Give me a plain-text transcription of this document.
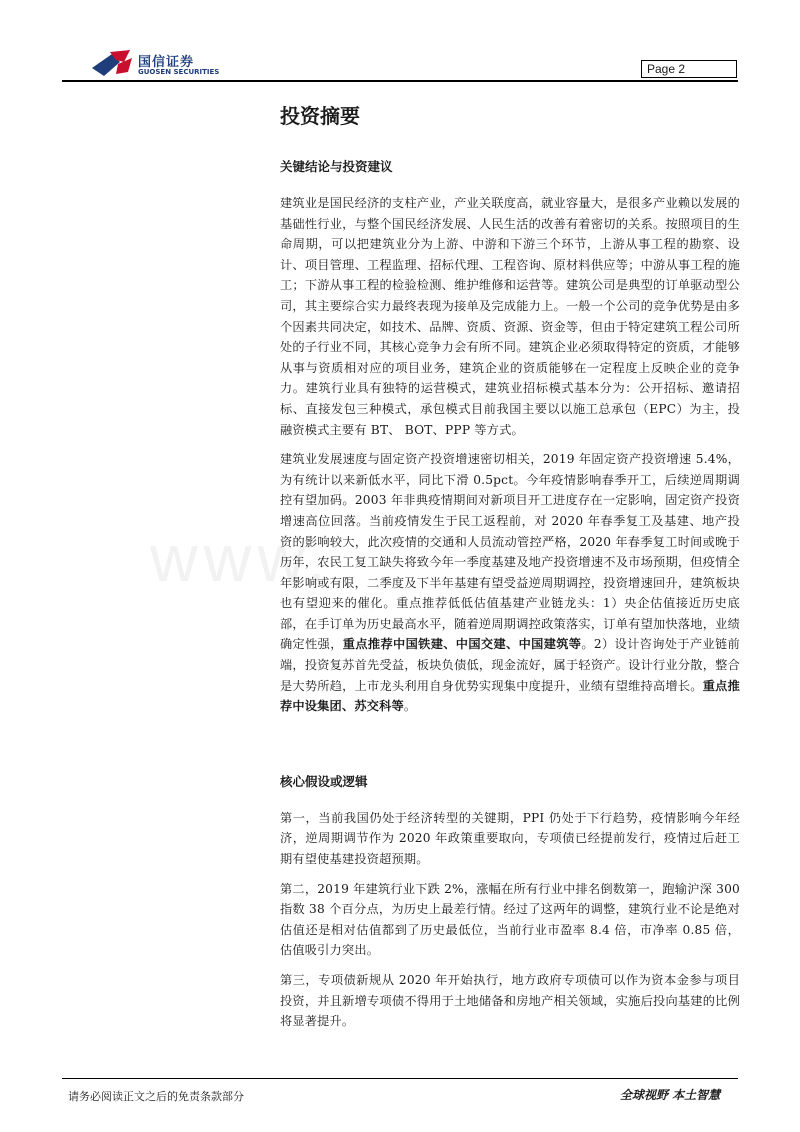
国信证券
GUOSEN SECURITIES	Page 2
www.
投资摘要
关键结论与投资建议

建筑业是国民经济的支柱产业，产业关联度高，就业容量大，是很多产业赖以发展的基础性行业，与整个国民经济发展、人民生活的改善有着密切的关系。按照项目的生命周期，可以把建筑业分为上游、中游和下游三个环节，上游从事工程的勘察、设计、项目管理、工程监理、招标代理、工程咨询、原材料供应等；中游从事工程的施工；下游从事工程的检验检测、维护维修和运营等。建筑公司是典型的订单驱动型公司，其主要综合实力最终表现为接单及完成能力上。一般一个公司的竞争优势是由多个因素共同决定，如技术、品牌、资质、资源、资金等，但由于特定建筑工程公司所处的子行业不同，其核心竞争力会有所不同。建筑企业必须取得特定的资质，才能够从事与资质相对应的项目业务，建筑企业的资质能够在一定程度上反映企业的竞争力。建筑行业具有独特的运营模式，建筑业招标模式基本分为：公开招标、邀请招标、直接发包三种模式，承包模式目前我国主要以以施工总承包（EPC）为主，投融资模式主要有 BT、 BOT、PPP 等方式。

建筑业发展速度与固定资产投资增速密切相关，2019 年固定资产投资增速 5.4%，为有统计以来新低水平，同比下滑 0.5pct。今年疫情影响春季开工，后续逆周期调控有望加码。2003 年非典疫情期间对新项目开工进度存在一定影响，固定资产投资增速高位回落。当前疫情发生于民工返程前，对 2020 年春季复工及基建、地产投资的影响较大，此次疫情的交通和人员流动管控严格，2020 年春季复工时间或晚于历年，农民工复工缺失将致今年一季度基建及地产投资增速不及市场预期，但疫情全年影响或有限，二季度及下半年基建有望受益逆周期调控，投资增速回升，建筑板块也有望迎来的催化。重点推荐低低估值基建产业链龙头：1）央企估值接近历史底部，在手订单为历史最高水平，随着逆周期调控政策落实，订单有望加快落地，业绩确定性强，重点推荐中国铁建、中国交建、中国建筑等。2）设计咨询处于产业链前端，投资复苏首先受益，板块负债低，现金流好，属于轻资产。设计行业分散，整合是大势所趋，上市龙头利用自身优势实现集中度提升，业绩有望维持高增长。重点推荐中设集团、苏交科等。

核心假设或逻辑

第一，当前我国仍处于经济转型的关键期，PPI 仍处于下行趋势，疫情影响今年经济，逆周期调节作为 2020 年政策重要取向，专项债已经提前发行，疫情过后赶工期有望使基建投资超预期。

第二，2019 年建筑行业下跌 2%，涨幅在所有行业中排名倒数第一，跑输沪深 300 指数 38 个百分点，为历史上最差行情。经过了这两年的调整，建筑行业不论是绝对估值还是相对估值都到了历史最低位，当前行业市盈率 8.4 倍，市净率 0.85 倍，估值吸引力突出。

第三，专项债新规从 2020 年开始执行，地方政府专项债可以作为资本金参与项目投资，并且新增专项债不得用于土地储备和房地产相关领域，实施后投向基建的比例将显著提升。

请务必阅读正文之后的免责条款部分	全球视野 本土智慧
